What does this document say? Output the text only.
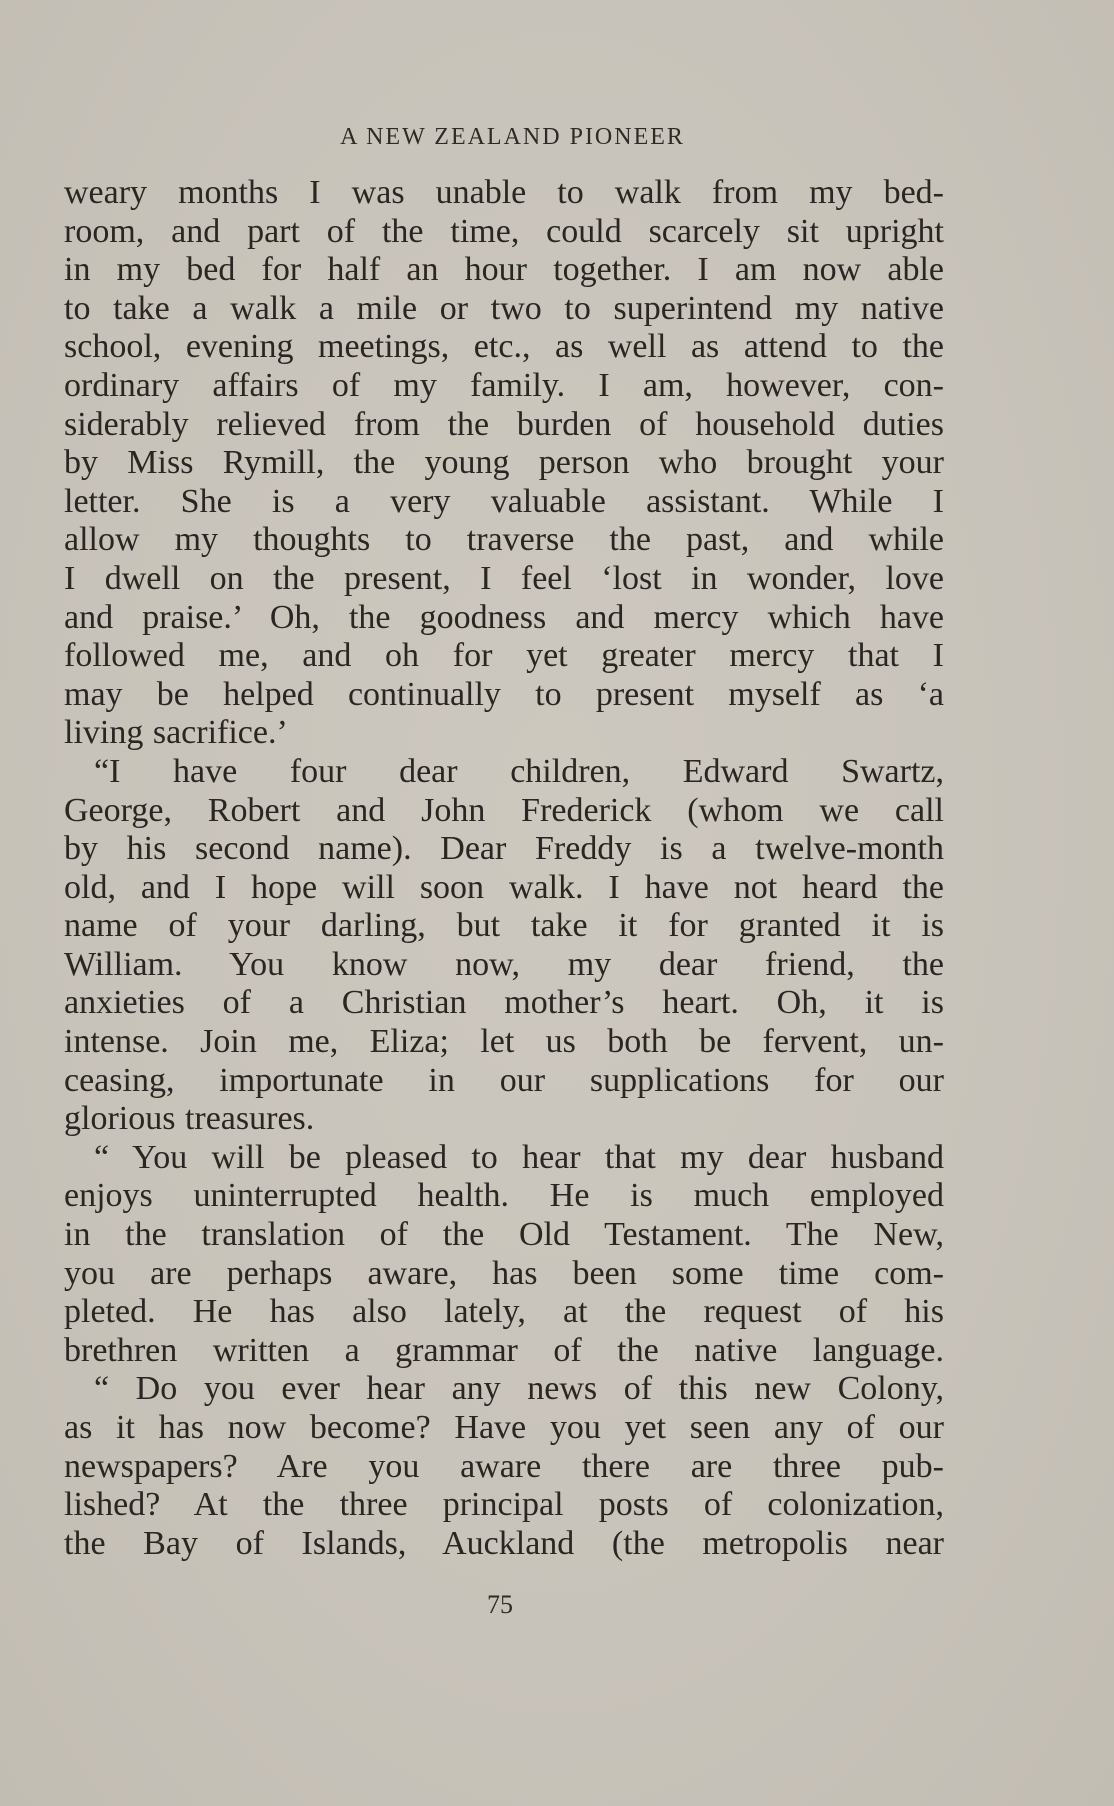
A NEW ZEALAND PIONEER
weary months I was unable to walk from my bed-
room, and part of the time, could scarcely sit upright
in my bed for half an hour together. I am now able
to take a walk a mile or two to superintend my native
school, evening meetings, etc., as well as attend to the
ordinary affairs of my family. I am, however, con-
siderably relieved from the burden of household duties
by Miss Rymill, the young person who brought your
letter. She is a very valuable assistant. While I
allow my thoughts to traverse the past, and while
I dwell on the present, I feel ‘lost in wonder, love
and praise.’ Oh, the goodness and mercy which have
followed me, and oh for yet greater mercy that I
may be helped continually to present myself as ‘a
living sacrifice.’
“I have four dear children, Edward Swartz,
George, Robert and John Frederick (whom we call
by his second name). Dear Freddy is a twelve-month
old, and I hope will soon walk. I have not heard the
name of your darling, but take it for granted it is
William. You know now, my dear friend, the
anxieties of a Christian mother’s heart. Oh, it is
intense. Join me, Eliza; let us both be fervent, un-
ceasing, importunate in our supplications for our
glorious treasures.
“ You will be pleased to hear that my dear husband
enjoys uninterrupted health. He is much employed
in the translation of the Old Testament. The New,
you are perhaps aware, has been some time com-
pleted. He has also lately, at the request of his
brethren written a grammar of the native language.
“ Do you ever hear any news of this new Colony,
as it has now become? Have you yet seen any of our
newspapers? Are you aware there are three pub-
lished? At the three principal posts of colonization,
the Bay of Islands, Auckland (the metropolis near
75
